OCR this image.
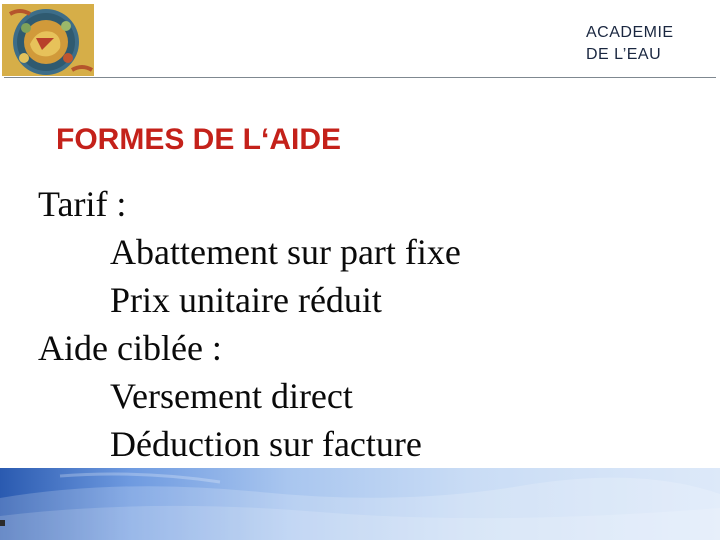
ACADEMIE
DE L’EAU
FORMES DE L‘AIDE
Tarif :
Abattement sur part fixe
Prix unitaire réduit
Aide ciblée :
Versement direct
Déduction sur facture
